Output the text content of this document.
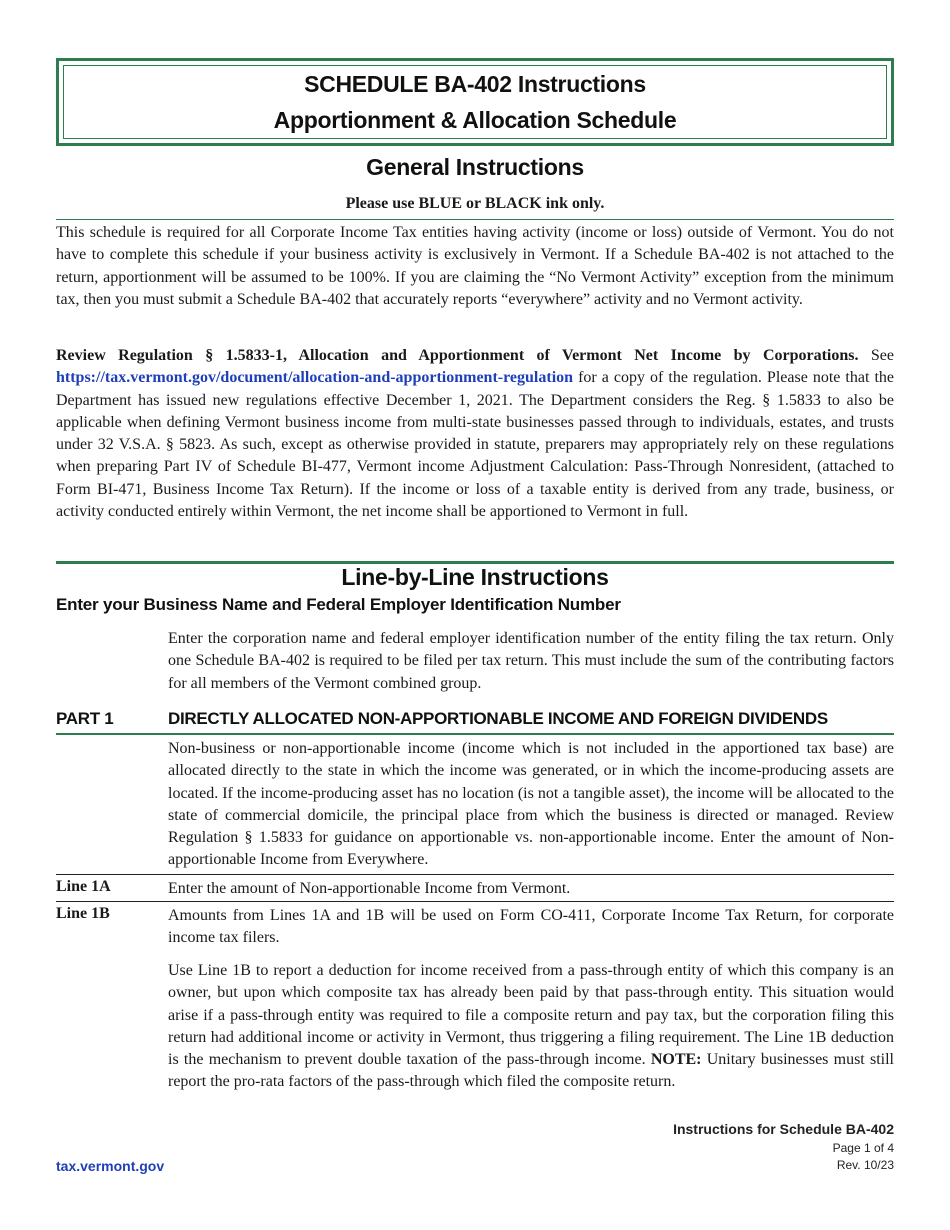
SCHEDULE BA-402 Instructions
Apportionment & Allocation Schedule
General Instructions
Please use BLUE or BLACK ink only.

This schedule is required for all Corporate Income Tax entities having activity (income or loss) outside of Vermont. You do not have to complete this schedule if your business activity is exclusively in Vermont. If a Schedule BA-402 is not attached to the return, apportionment will be assumed to be 100%. If you are claiming the “No Vermont Activity” exception from the minimum tax, then you must submit a Schedule BA-402 that accurately reports “everywhere” activity and no Vermont activity.

Review Regulation § 1.5833-1, Allocation and Apportionment of Vermont Net Income by Corporations. See https://tax.vermont.gov/document/allocation-and-apportionment-regulation for a copy of the regulation. Please note that the Department has issued new regulations effective December 1, 2021. The Department considers the Reg. § 1.5833 to also be applicable when defining Vermont business income from multi-state businesses passed through to individuals, estates, and trusts under 32 V.S.A. § 5823. As such, except as otherwise provided in statute, preparers may appropriately rely on these regulations when preparing Part IV of Schedule BI-477, Vermont income Adjustment Calculation: Pass-Through Nonresident, (attached to Form BI-471, Business Income Tax Return). If the income or loss of a taxable entity is derived from any trade, business, or activity conducted entirely within Vermont, the net income shall be apportioned to Vermont in full.

Line-by-Line Instructions
Enter your Business Name and Federal Employer Identification Number

Enter the corporation name and federal employer identification number of the entity filing the tax return. Only one Schedule BA-402 is required to be filed per tax return. This must include the sum of the contributing factors for all members of the Vermont combined group.

PART 1	DIRECTLY ALLOCATED NON-APPORTIONABLE INCOME AND FOREIGN DIVIDENDS

Non-business or non-apportionable income (income which is not included in the apportioned tax base) are allocated directly to the state in which the income was generated, or in which the income-producing assets are located. If the income-producing asset has no location (is not a tangible asset), the income will be allocated to the state of commercial domicile, the principal place from which the business is directed or managed. Review Regulation § 1.5833 for guidance on apportionable vs. non-apportionable income. Enter the amount of Non-apportionable Income from Everywhere.

Line 1A	Enter the amount of Non-apportionable Income from Vermont.

Line 1B	Amounts from Lines 1A and 1B will be used on Form CO-411, Corporate Income Tax Return, for corporate income tax filers.

Use Line 1B to report a deduction for income received from a pass-through entity of which this company is an owner, but upon which composite tax has already been paid by that pass-through entity. This situation would arise if a pass-through entity was required to file a composite return and pay tax, but the corporation filing this return had additional income or activity in Vermont, thus triggering a filing requirement. The Line 1B deduction is the mechanism to prevent double taxation of the pass-through income. NOTE: Unitary businesses must still report the pro-rata factors of the pass-through which filed the composite return.

Instructions for Schedule BA-402
Page 1 of 4
Rev. 10/23
tax.vermont.gov
